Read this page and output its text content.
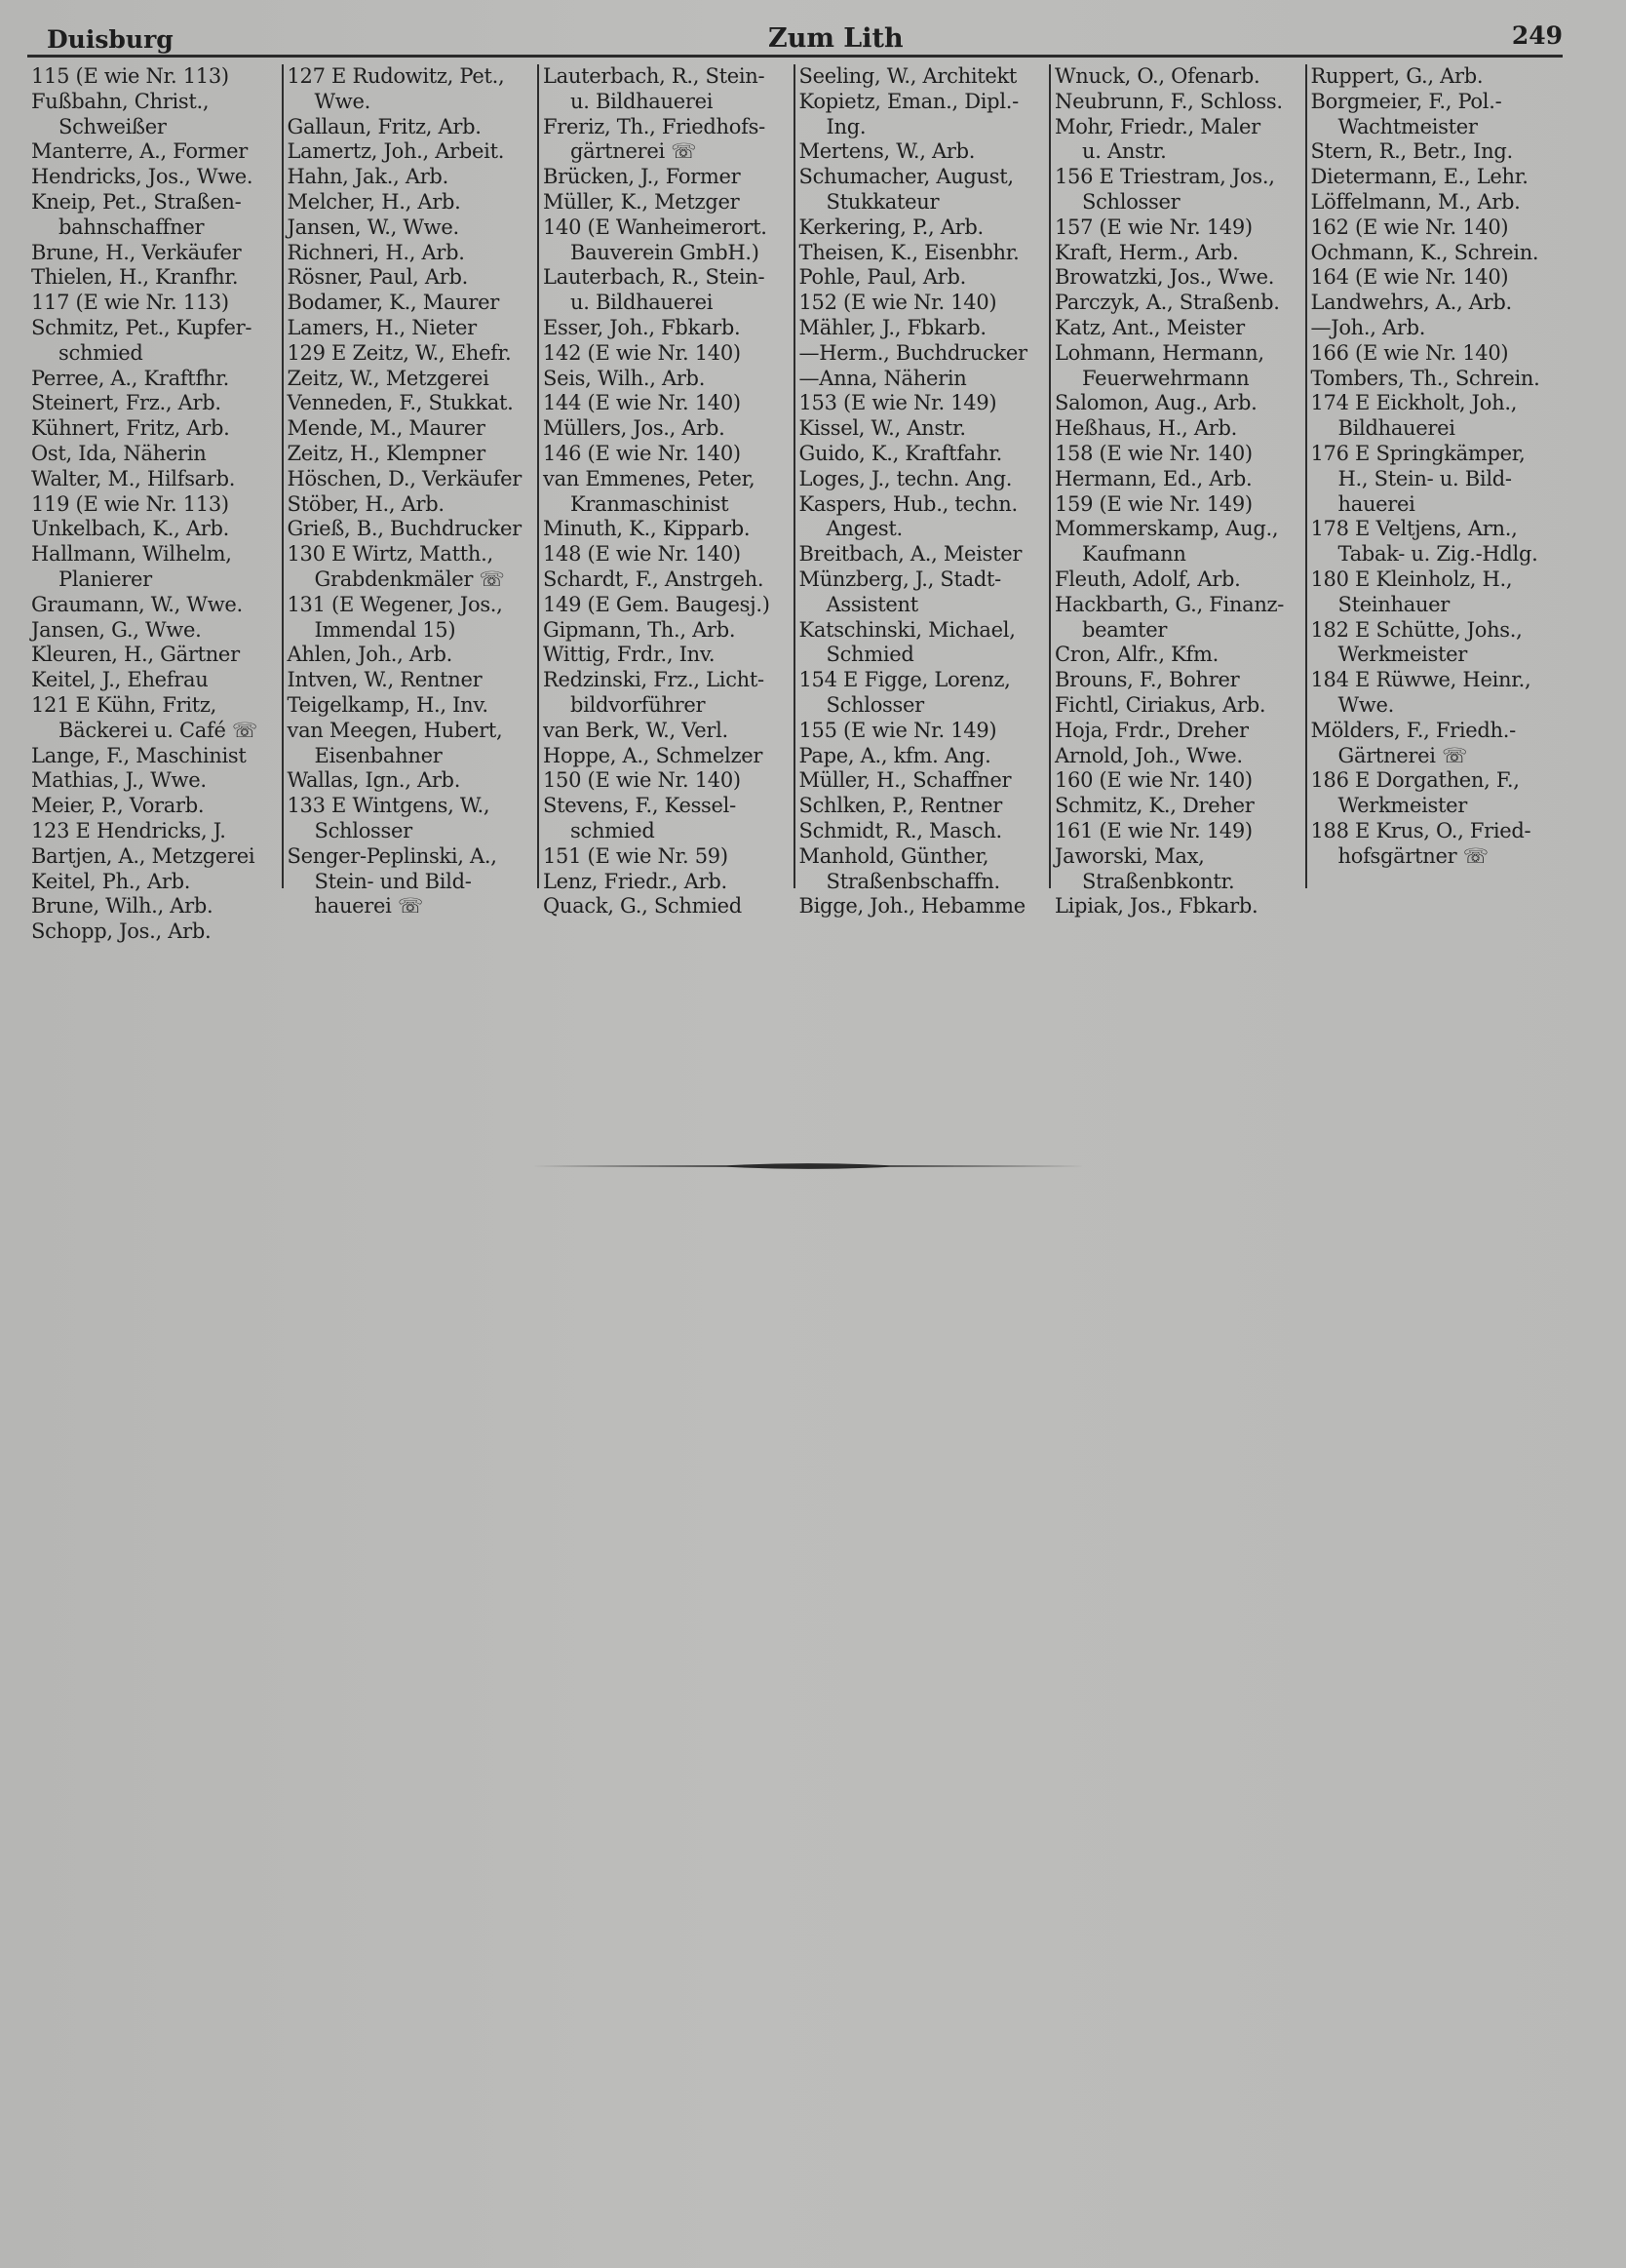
Duisburg	Zum Lith	249
115 (E wie Nr. 113)
Fußbahn, Christ.,
Schweißer
Manterre, A., Former
Hendricks, Jos., Wwe.
Kneip, Pet., Straßen-
bahnschaffner
Brune, H., Verkäufer
Thielen, H., Kranfhr.
117 (E wie Nr. 113)
Schmitz, Pet., Kupfer-
schmied
Perree, A., Kraftfhr.
Steinert, Frz., Arb.
Kühnert, Fritz, Arb.
Ost, Ida, Näherin
Walter, M., Hilfsarb.
119 (E wie Nr. 113)
Unkelbach, K., Arb.
Hallmann, Wilhelm,
Planierer
Graumann, W., Wwe.
Jansen, G., Wwe.
Kleuren, H., Gärtner
Keitel, J., Ehefrau
121 E Kühn, Fritz,
Bäckerei u. Café ☏
Lange, F., Maschinist
Mathias, J., Wwe.
Meier, P., Vorarb.
123 E Hendricks, J.
Bartjen, A., Metzgerei
Keitel, Ph., Arb.
Brune, Wilh., Arb.
Schopp, Jos., Arb.
127 E Rudowitz, Pet.,
Wwe.
Gallaun, Fritz, Arb.
Lamertz, Joh., Arbeit.
Hahn, Jak., Arb.
Melcher, H., Arb.
Jansen, W., Wwe.
Richneri, H., Arb.
Rösner, Paul, Arb.
Bodamer, K., Maurer
Lamers, H., Nieter
129 E Zeitz, W., Ehefr.
Zeitz, W., Metzgerei
Venneden, F., Stukkat.
Mende, M., Maurer
Zeitz, H., Klempner
Höschen, D., Verkäufer
Stöber, H., Arb.
Grieß, B., Buchdrucker
130 E Wirtz, Matth.,
Grabdenkmäler ☏
131 (E Wegener, Jos.,
Immendal 15)
Ahlen, Joh., Arb.
Intven, W., Rentner
Teigelkamp, H., Inv.
van Meegen, Hubert,
Eisenbahner
Wallas, Ign., Arb.
133 E Wintgens, W.,
Schlosser
Senger-Peplinski, A.,
Stein- und Bild-
hauerei ☏
Lauterbach, R., Stein-
u. Bildhauerei
Freriz, Th., Friedhofs-
gärtnerei ☏
Brücken, J., Former
Müller, K., Metzger
140 (E Wanheimerort.
Bauverein GmbH.)
Lauterbach, R., Stein-
u. Bildhauerei
Esser, Joh., Fbkarb.
142 (E wie Nr. 140)
Seis, Wilh., Arb.
144 (E wie Nr. 140)
Müllers, Jos., Arb.
146 (E wie Nr. 140)
van Emmenes, Peter,
Kranmaschinist
Minuth, K., Kipparb.
148 (E wie Nr. 140)
Schardt, F., Anstrgeh.
149 (E Gem. Baugesj.)
Gipmann, Th., Arb.
Wittig, Frdr., Inv.
Redzinski, Frz., Licht-
bildvorführer
van Berk, W., Verl.
Hoppe, A., Schmelzer
150 (E wie Nr. 140)
Stevens, F., Kessel-
schmied
151 (E wie Nr. 59)
Lenz, Friedr., Arb.
Quack, G., Schmied
Seeling, W., Architekt
Kopietz, Eman., Dipl.-
Ing.
Mertens, W., Arb.
Schumacher, August,
Stukkateur
Kerkering, P., Arb.
Theisen, K., Eisenbhr.
Pohle, Paul, Arb.
152 (E wie Nr. 140)
Mähler, J., Fbkarb.
—Herm., Buchdrucker
—Anna, Näherin
153 (E wie Nr. 149)
Kissel, W., Anstr.
Guido, K., Kraftfahr.
Loges, J., techn. Ang.
Kaspers, Hub., techn.
Angest.
Breitbach, A., Meister
Münzberg, J., Stadt-
Assistent
Katschinski, Michael,
Schmied
154 E Figge, Lorenz,
Schlosser
155 (E wie Nr. 149)
Pape, A., kfm. Ang.
Müller, H., Schaffner
Schlken, P., Rentner
Schmidt, R., Masch.
Manhold, Günther,
Straßenbschaffn.
Bigge, Joh., Hebamme
Wnuck, O., Ofenarb.
Neubrunn, F., Schloss.
Mohr, Friedr., Maler
u. Anstr.
156 E Triestram, Jos.,
Schlosser
157 (E wie Nr. 149)
Kraft, Herm., Arb.
Browatzki, Jos., Wwe.
Parczyk, A., Straßenb.
Katz, Ant., Meister
Lohmann, Hermann,
Feuerwehrmann
Salomon, Aug., Arb.
Heßhaus, H., Arb.
158 (E wie Nr. 140)
Hermann, Ed., Arb.
159 (E wie Nr. 149)
Mommerskamp, Aug.,
Kaufmann
Fleuth, Adolf, Arb.
Hackbarth, G., Finanz-
beamter
Cron, Alfr., Kfm.
Brouns, F., Bohrer
Fichtl, Ciriakus, Arb.
Hoja, Frdr., Dreher
Arnold, Joh., Wwe.
160 (E wie Nr. 140)
Schmitz, K., Dreher
161 (E wie Nr. 149)
Jaworski, Max,
Straßenbkontr.
Lipiak, Jos., Fbkarb.
Ruppert, G., Arb.
Borgmeier, F., Pol.-
Wachtmeister
Stern, R., Betr., Ing.
Dietermann, E., Lehr.
Löffelmann, M., Arb.
162 (E wie Nr. 140)
Ochmann, K., Schrein.
164 (E wie Nr. 140)
Landwehrs, A., Arb.
—Joh., Arb.
166 (E wie Nr. 140)
Tombers, Th., Schrein.
174 E Eickholt, Joh.,
Bildhauerei
176 E Springkämper,
H., Stein- u. Bild-
hauerei
178 E Veltjens, Arn.,
Tabak- u. Zig.-Hdlg.
180 E Kleinholz, H.,
Steinhauer
182 E Schütte, Johs.,
Werkmeister
184 E Rüwwe, Heinr.,
Wwe.
Mölders, F., Friedh.-
Gärtnerei ☏
186 E Dorgathen, F.,
Werkmeister
188 E Krus, O., Fried-
hofsgärtner ☏
